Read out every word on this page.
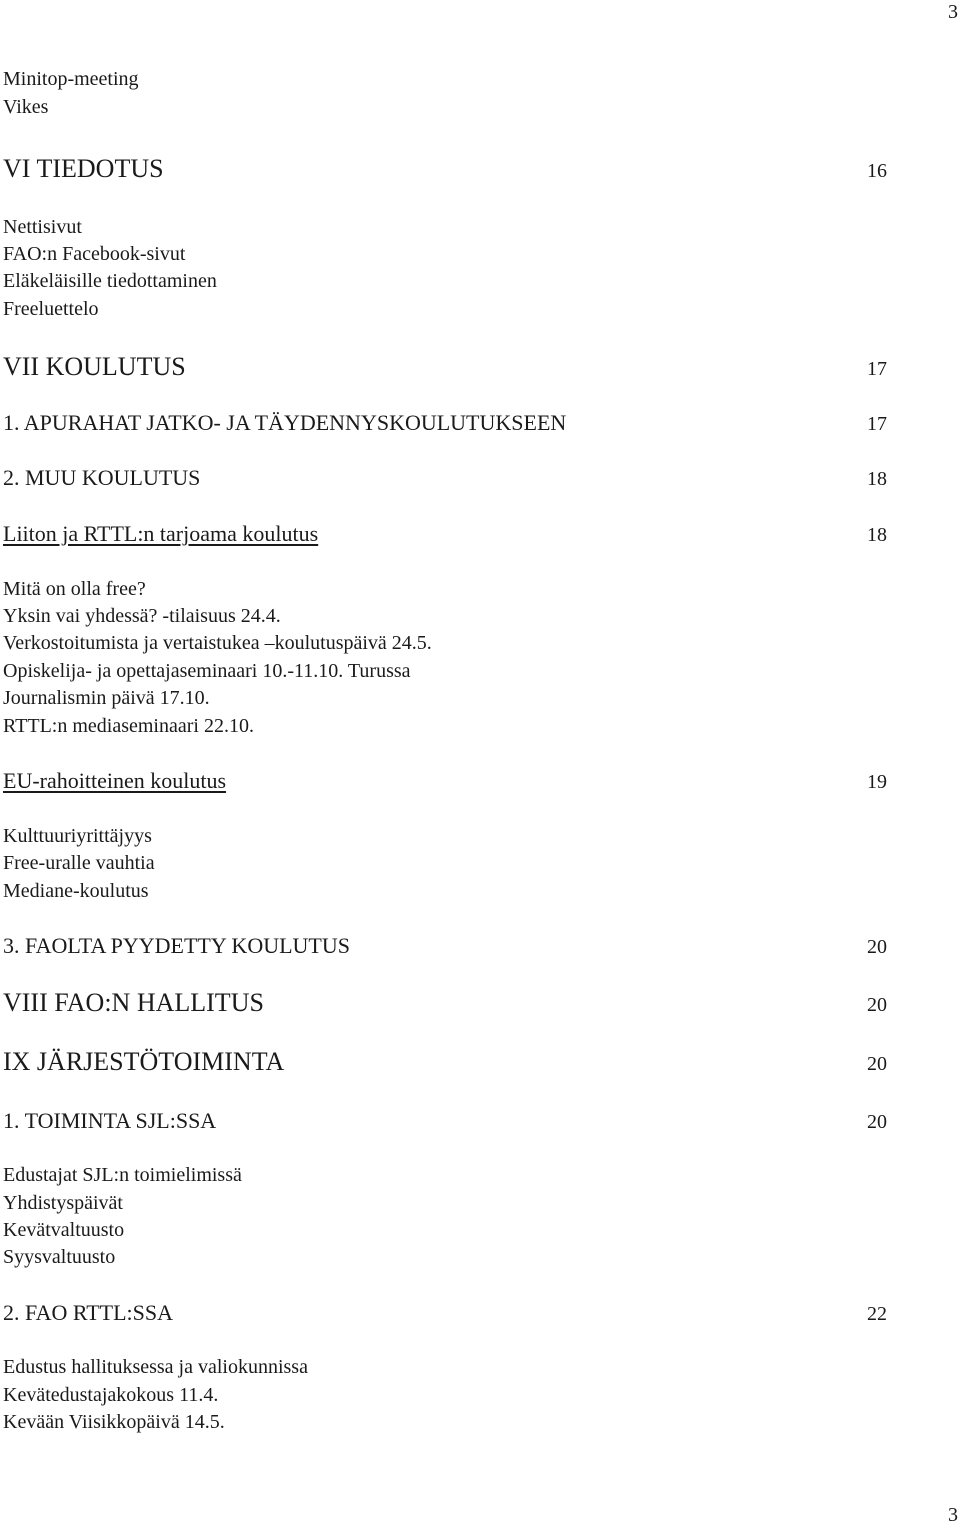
3
Minitop-meeting
Vikes
VI TIEDOTUS	16
Nettisivut
FAO:n Facebook-sivut
Eläkeläisille tiedottaminen
Freeluettelo
VII KOULUTUS	17
1. APURAHAT JATKO- JA TÄYDENNYSKOULUTUKSEEN	17
2. MUU KOULUTUS	18
Liiton ja RTTL:n tarjoama koulutus	18
Mitä on olla free?
Yksin vai yhdessä? -tilaisuus 24.4.
Verkostoitumista ja vertaistukea –koulutuspäivä 24.5.
Opiskelija- ja opettajaseminaari 10.-11.10. Turussa
Journalismin päivä 17.10.
RTTL:n mediaseminaari 22.10.
EU-rahoitteinen koulutus	19
Kulttuuriyrittäjyys
Free-uralle vauhtia
Mediane-koulutus
3. FAOLTA PYYDETTY KOULUTUS	20
VIII FAO:N HALLITUS	20
IX JÄRJESTÖTOIMINTA	20
1. TOIMINTA SJL:SSA	20
Edustajat SJL:n toimielimissä
Yhdistyspäivät
Kevätvaltuusto
Syysvaltuusto
2. FAO RTTL:SSA	22
Edustus hallituksessa ja valiokunnissa
Kevätedustajakokous 11.4.
Kevään Viisikkopäivä 14.5.
3
